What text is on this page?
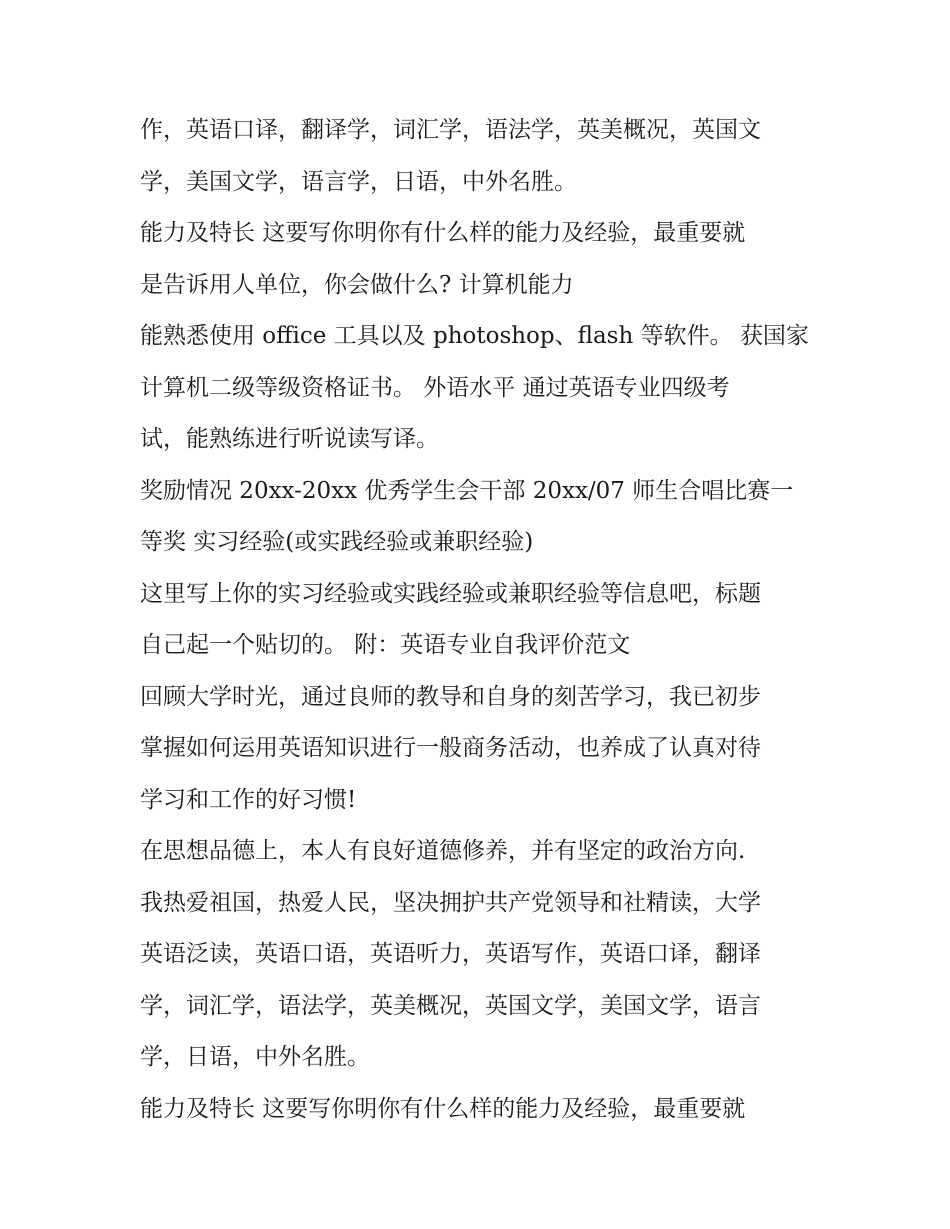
作，英语口译，翻译学，词汇学，语法学，英美概况，英国文
学，美国文学，语言学，日语，中外名胜。
能力及特长 这要写你明你有什么样的能力及经验，最重要就
是告诉用人单位，你会做什么? 计算机能力
能熟悉使用 office 工具以及 photoshop、flash 等软件。 获国家
计算机二级等级资格证书。 外语水平 通过英语专业四级考
试，能熟练进行听说读写译。
奖励情况 20xx-20xx 优秀学生会干部 20xx/07 师生合唱比赛一
等奖 实习经验(或实践经验或兼职经验)
这里写上你的实习经验或实践经验或兼职经验等信息吧，标题
自己起一个贴切的。 附：英语专业自我评价范文
回顾大学时光，通过良师的教导和自身的刻苦学习，我已初步
掌握如何运用英语知识进行一般商务活动，也养成了认真对待
学习和工作的好习惯!
在思想品德上，本人有良好道德修养，并有坚定的政治方向.
我热爱祖国，热爱人民，坚决拥护共产党领导和社精读，大学
英语泛读，英语口语，英语听力，英语写作，英语口译，翻译
学，词汇学，语法学，英美概况，英国文学，美国文学，语言
学，日语，中外名胜。
能力及特长 这要写你明你有什么样的能力及经验，最重要就
